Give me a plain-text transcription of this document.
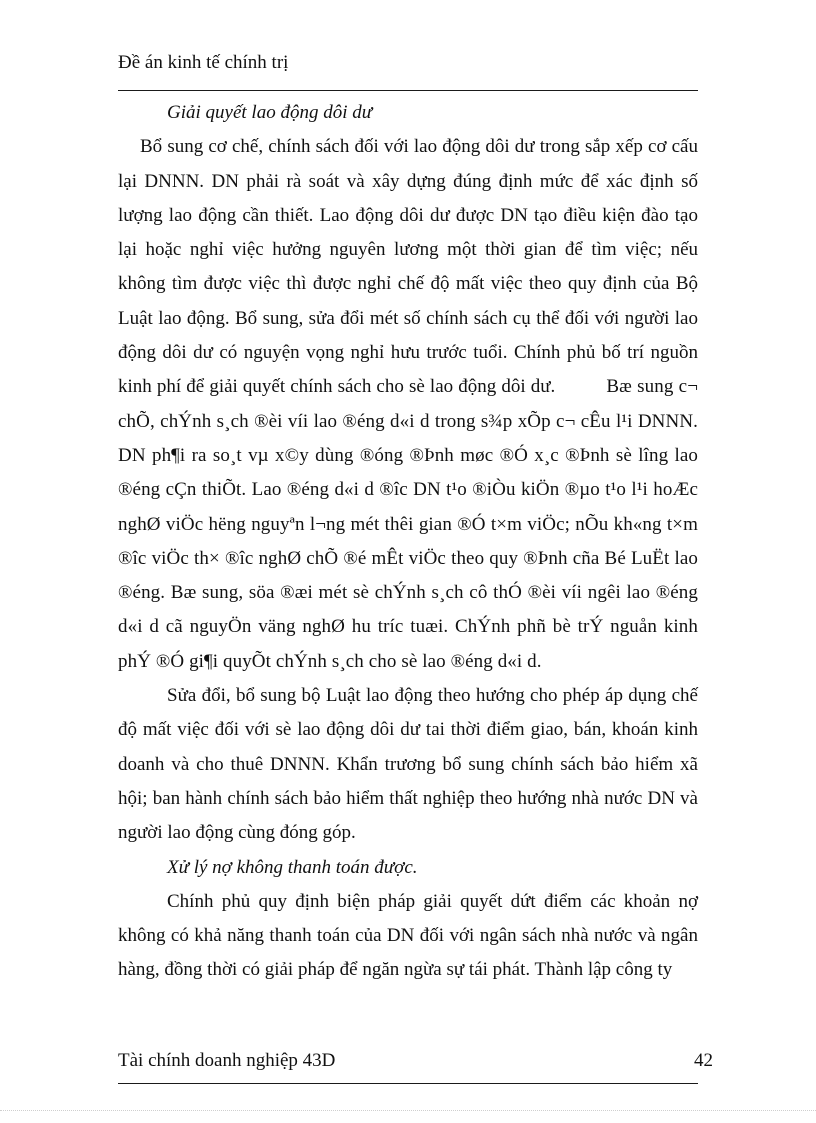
Đề án kinh tế chính trị

Giải quyết lao động dôi dư

Bổ sung cơ chế, chính sách đối với lao động dôi dư trong sắp xếp cơ cấu lại DNNN. DN phải rà soát và xây dựng đúng định mức để xác định số lượng lao động cần thiết. Lao động dôi dư được DN tạo điều kiện đào tạo lại hoặc nghỉ việc hưởng nguyên lương một thời gian để tìm việc; nếu không tìm được việc thì được nghỉ chế độ mất việc theo quy định của Bộ Luật lao động. Bổ sung, sửa đổi mét số chính sách cụ thể đối với người lao động dôi dư có nguyện vọng nghỉ hưu trước tuổi. Chính phủ bố trí nguồn kinh phí để giải quyết chính sách cho sè lao động dôi dư.	Bæ sung c¬ chÕ, chÝnh s¸ch ®èi víi lao ®éng d«i d trong s¾p xÕp c¬ cÊu l¹i DNNN. DN ph¶i ra so¸t vµ x©y dùng ®óng ®Þnh møc ®Ó x¸c ®Þnh sè lîng lao ®éng cÇn thiÕt. Lao ®éng d«i d ®îc DN t¹o ®iÒu kiÖn ®µo t¹o l¹i hoÆc nghØ viÖc hëng nguyªn l¬ng mét thêi gian ®Ó t×m viÖc; nÕu kh«ng t×m ®îc viÖc th× ®îc nghØ chÕ ®é mÊt viÖc theo quy ®Þnh cña Bé LuËt lao ®éng. Bæ sung, söa ®æi mét sè chÝnh s¸ch cô thÓ ®èi víi ngêi lao ®éng d«i d cã nguyÖn väng nghØ hu tríc tuæi. ChÝnh phñ bè trÝ nguån kinh phÝ ®Ó gi¶i quyÕt chÝnh s¸ch cho sè lao ®éng d«i d.

Sửa đổi, bổ sung bộ Luật lao động theo hướng cho phép áp dụng chế độ mất việc đối với sè lao động dôi dư tai thời điểm giao, bán, khoán kinh doanh và cho thuê DNNN. Khẩn trương bổ sung chính sách bảo hiểm xã hội; ban hành chính sách bảo hiểm thất nghiệp theo hướng nhà nước DN và người lao động cùng đóng góp.

Xử lý nợ không thanh toán được.

Chính phủ quy định biện pháp giải quyết dứt điểm các khoản nợ không có khả năng thanh toán của DN đối với ngân sách nhà nước và ngân hàng, đồng thời có giải pháp để ngăn ngừa sự tái phát. Thành lập công ty

Tài chính doanh nghiệp 43D	42
